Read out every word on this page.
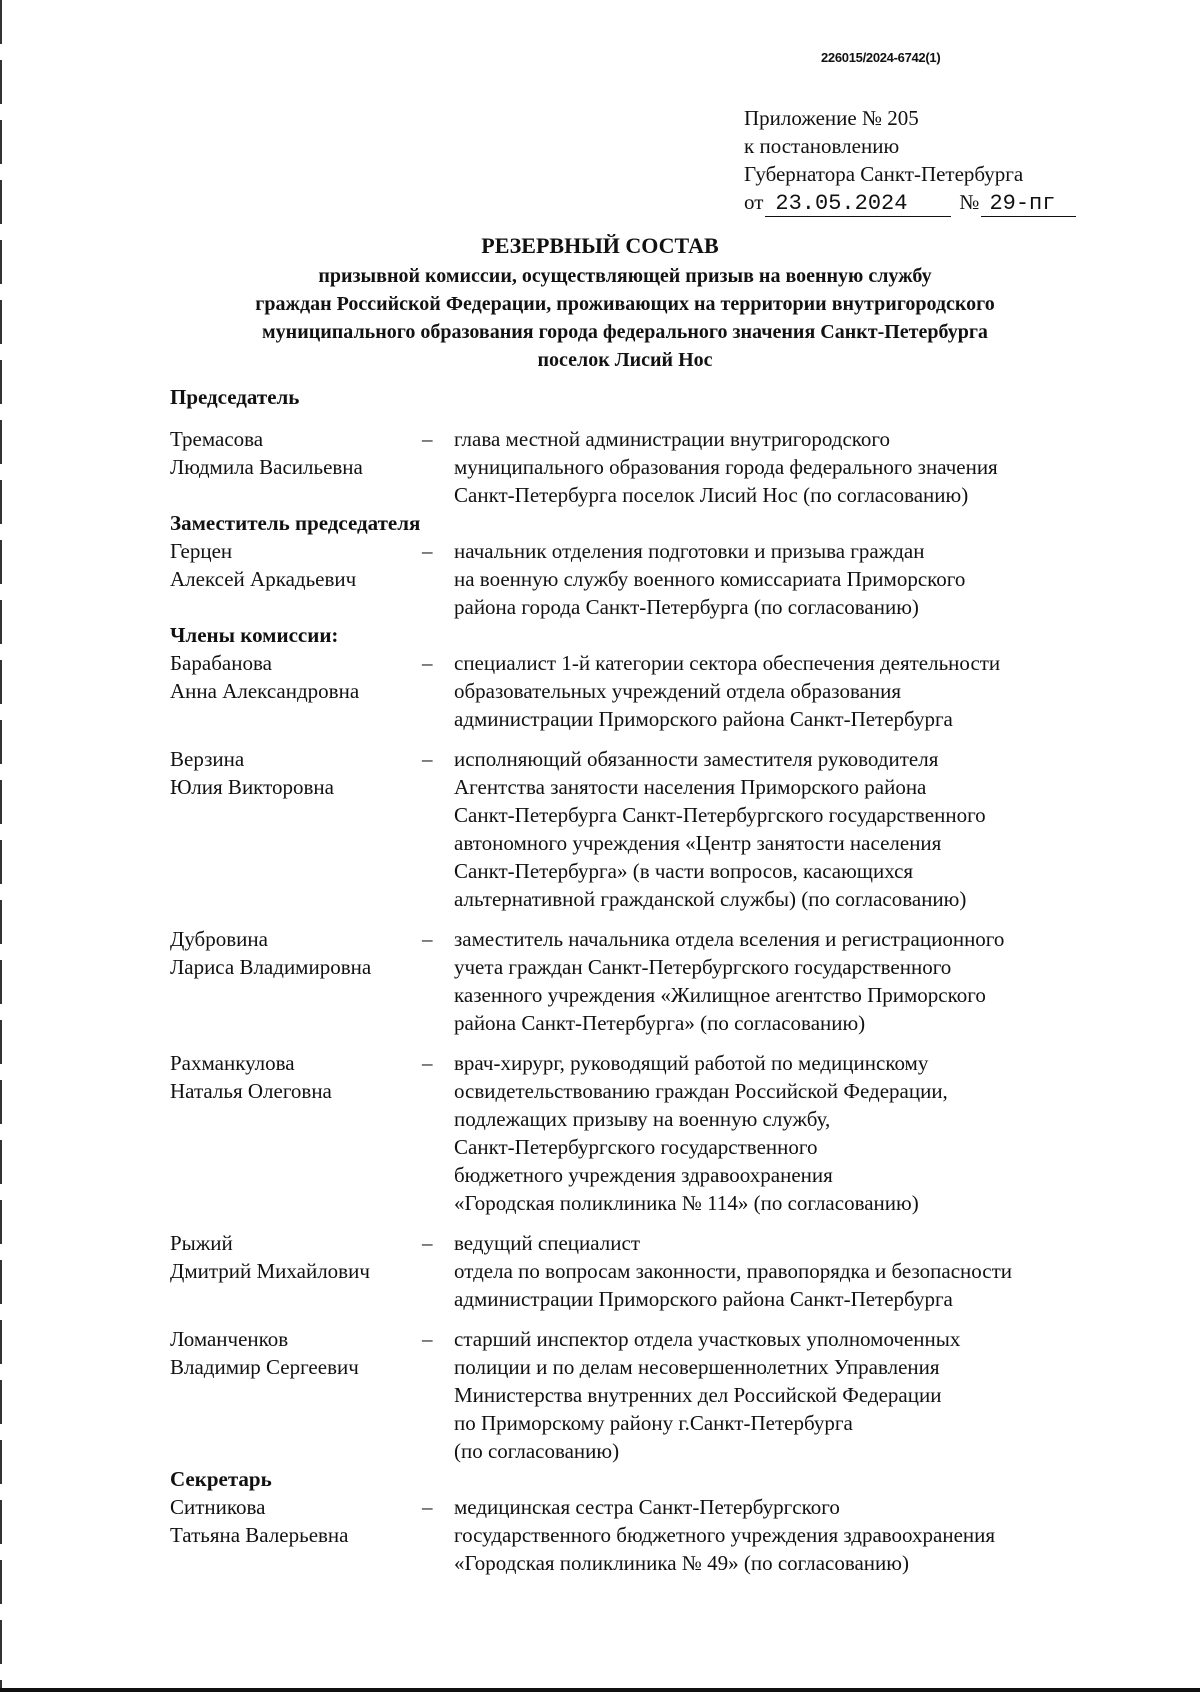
226015/2024-6742(1)
Приложение № 205
к постановлению
Губернатора Санкт-Петербурга
от 23.05.2024	№ 29-пг
РЕЗЕРВНЫЙ СОСТАВ
призывной комиссии, осуществляющей призыв на военную службу
граждан Российской Федерации, проживающих на территории внутригородского
муниципального образования города федерального значения Санкт-Петербурга
поселок Лисий Нос
Председатель
Тремасова
Людмила Васильевна
–	глава местной администрации внутригородского
муниципального образования города федерального значения
Санкт-Петербурга поселок Лисий Нос (по согласованию)
Заместитель председателя
Герцен
Алексей Аркадьевич
–	начальник отделения подготовки и призыва граждан
на военную службу военного комиссариата Приморского
района города Санкт-Петербурга (по согласованию)
Члены комиссии:
Барабанова
Анна Александровна
–	специалист 1-й категории сектора обеспечения деятельности
образовательных учреждений отдела образования
администрации Приморского района Санкт-Петербурга
Верзина
Юлия Викторовна
–	исполняющий обязанности заместителя руководителя
Агентства занятости населения Приморского района
Санкт-Петербурга Санкт-Петербургского государственного
автономного учреждения «Центр занятости населения
Санкт-Петербурга» (в части вопросов, касающихся
альтернативной гражданской службы) (по согласованию)
Дубровина
Лариса Владимировна
–	заместитель начальника отдела вселения и регистрационного
учета граждан Санкт-Петербургского государственного
казенного учреждения «Жилищное агентство Приморского
района Санкт-Петербурга» (по согласованию)
Рахманкулова
Наталья Олеговна
–	врач-хирург, руководящий работой по медицинскому
освидетельствованию граждан Российской Федерации,
подлежащих призыву на военную службу,
Санкт-Петербургского государственного
бюджетного учреждения здравоохранения
«Городская поликлиника № 114» (по согласованию)
Рыжий
Дмитрий Михайлович
–	ведущий специалист
отдела по вопросам законности, правопорядка и безопасности
администрации Приморского района Санкт-Петербурга
Ломанченков
Владимир Сергеевич
–	старший инспектор отдела участковых уполномоченных
полиции и по делам несовершеннолетних Управления
Министерства внутренних дел Российской Федерации
по Приморскому району г.Санкт-Петербурга
(по согласованию)
Секретарь
Ситникова
Татьяна Валерьевна
–	медицинская сестра Санкт-Петербургского
государственного бюджетного учреждения здравоохранения
«Городская поликлиника № 49» (по согласованию)
